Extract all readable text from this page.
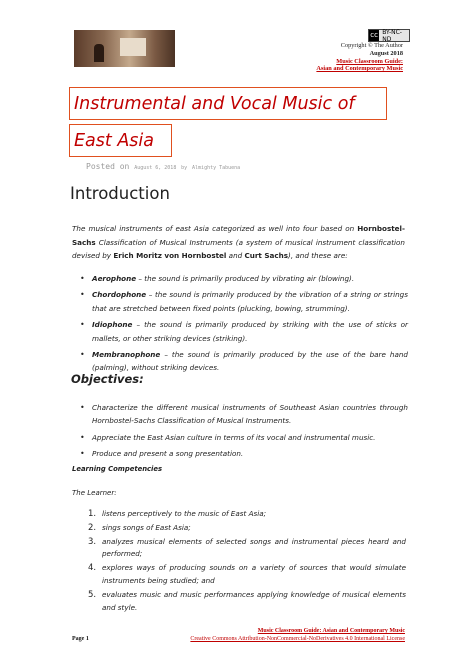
cc BY-NC-ND
Copyright © The Author
August 2018
Music Classroom Guide:
Asian and Contemporary Music
Instrumental and Vocal Music of
East Asia
Posted on August 6, 2018 by Almighty Tabuena
Introduction
The musical instruments of east Asia categorized as well into four based on Hornbostel-Sachs Classification of Musical Instruments (a system of musical instrument classification devised by Erich Moritz von Hornbostel and Curt Sachs), and these are:
• Aerophone – the sound is primarily produced by vibrating air (blowing).
• Chordophone – the sound is primarily produced by the vibration of a string or strings that are stretched between fixed points (plucking, bowing, strumming).
• Idiophone – the sound is primarily produced by striking with the use of sticks or mallets, or other striking devices (striking).
• Membranophone – the sound is primarily produced by the use of the bare hand (palming), without striking devices.
Objectives:
• Characterize the different musical instruments of Southeast Asian countries through Hornbostel-Sachs Classification of Musical Instruments.
• Appreciate the East Asian culture in terms of its vocal and instrumental music.
• Produce and present a song presentation.
Learning Competencies
The Learner:
1. listens perceptively to the music of East Asia;
2. sings songs of East Asia;
3. analyzes musical elements of selected songs and instrumental pieces heard and performed;
4. explores ways of producing sounds on a variety of sources that would simulate instruments being studied; and
5. evaluates music and music performances applying knowledge of musical elements and style.
Page 1
Music Classroom Guide: Asian and Contemporary Music
Creative Commons Attribution-NonCommercial-NoDerivatives 4.0 International License
